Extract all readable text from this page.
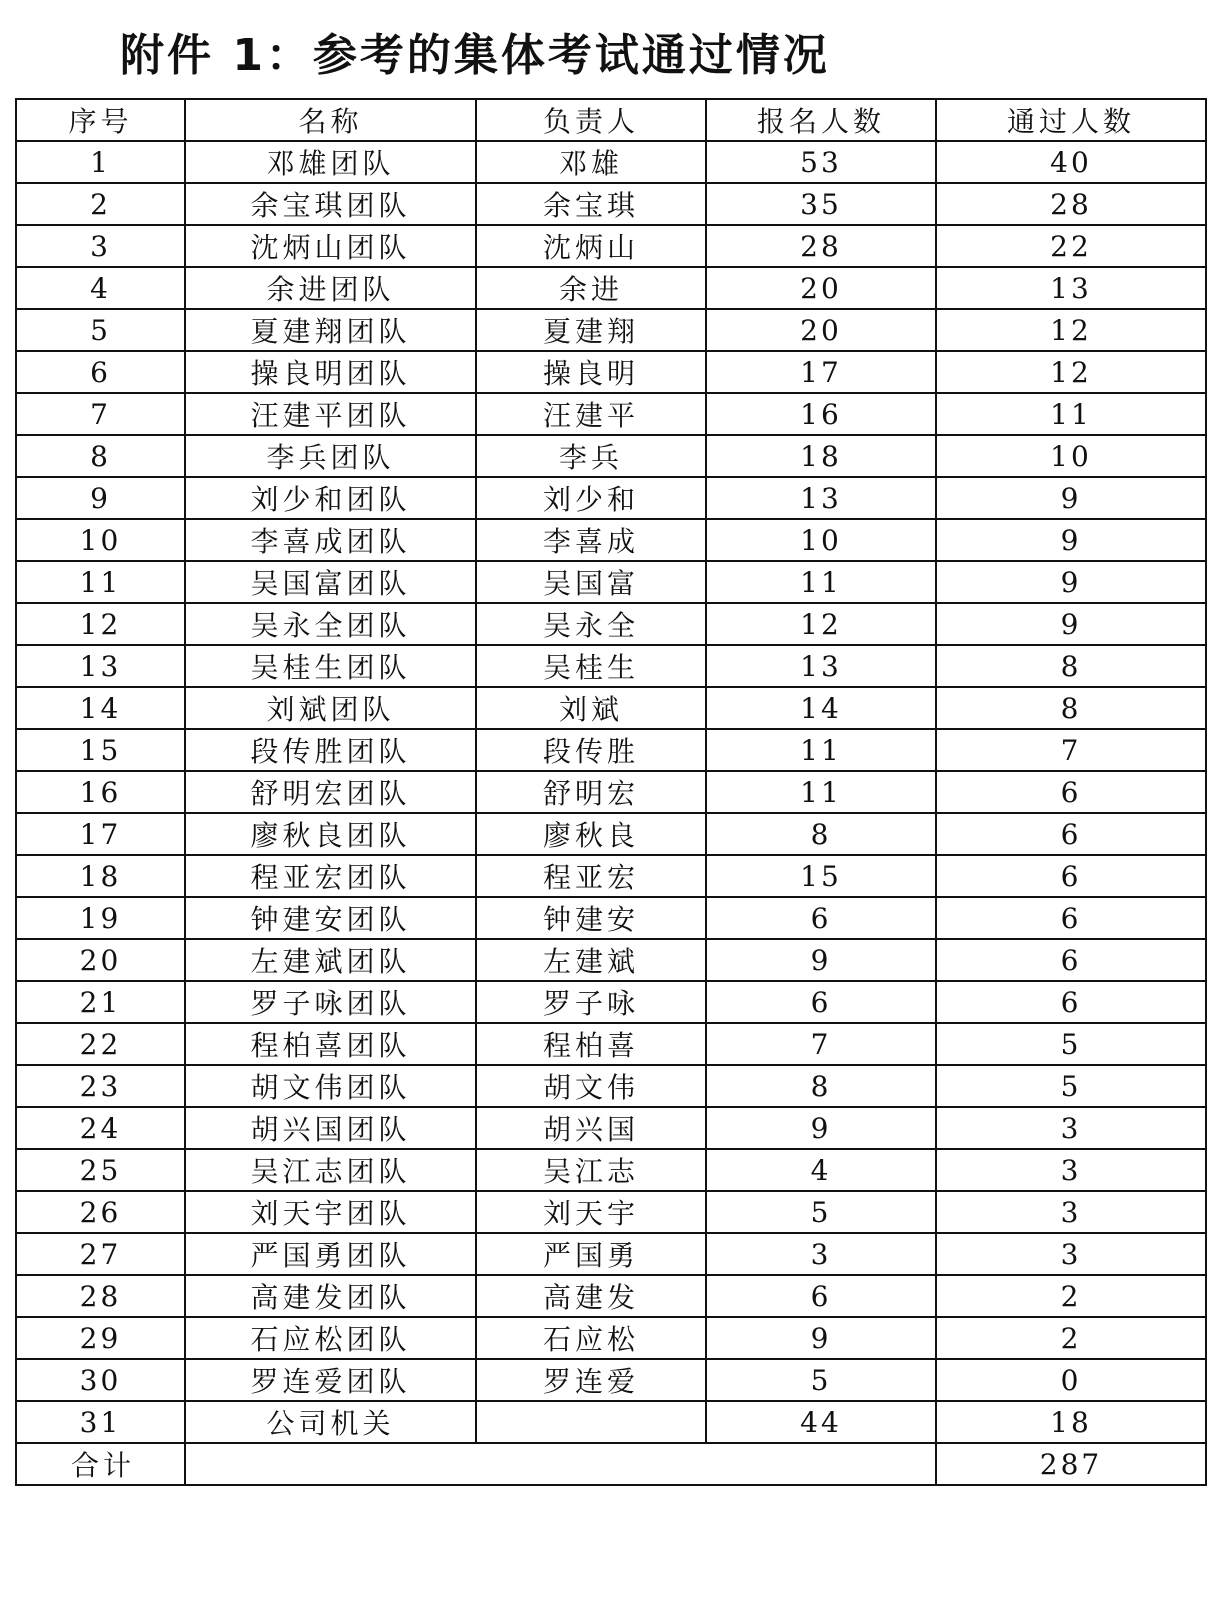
附件 1：参考的集体考试通过情况
序号	名称	负责人	报名人数	通过人数
1	邓雄团队	邓雄	53	40
2	余宝琪团队	余宝琪	35	28
3	沈炳山团队	沈炳山	28	22
4	余进团队	余进	20	13
5	夏建翔团队	夏建翔	20	12
6	操良明团队	操良明	17	12
7	汪建平团队	汪建平	16	11
8	李兵团队	李兵	18	10
9	刘少和团队	刘少和	13	9
10	李喜成团队	李喜成	10	9
11	吴国富团队	吴国富	11	9
12	吴永全团队	吴永全	12	9
13	吴桂生团队	吴桂生	13	8
14	刘斌团队	刘斌	14	8
15	段传胜团队	段传胜	11	7
16	舒明宏团队	舒明宏	11	6
17	廖秋良团队	廖秋良	8	6
18	程亚宏团队	程亚宏	15	6
19	钟建安团队	钟建安	6	6
20	左建斌团队	左建斌	9	6
21	罗子咏团队	罗子咏	6	6
22	程柏喜团队	程柏喜	7	5
23	胡文伟团队	胡文伟	8	5
24	胡兴国团队	胡兴国	9	3
25	吴江志团队	吴江志	4	3
26	刘天宇团队	刘天宇	5	3
27	严国勇团队	严国勇	3	3
28	高建发团队	高建发	6	2
29	石应松团队	石应松	9	2
30	罗连爱团队	罗连爱	5	0
31	公司机关		44	18
合计				287
